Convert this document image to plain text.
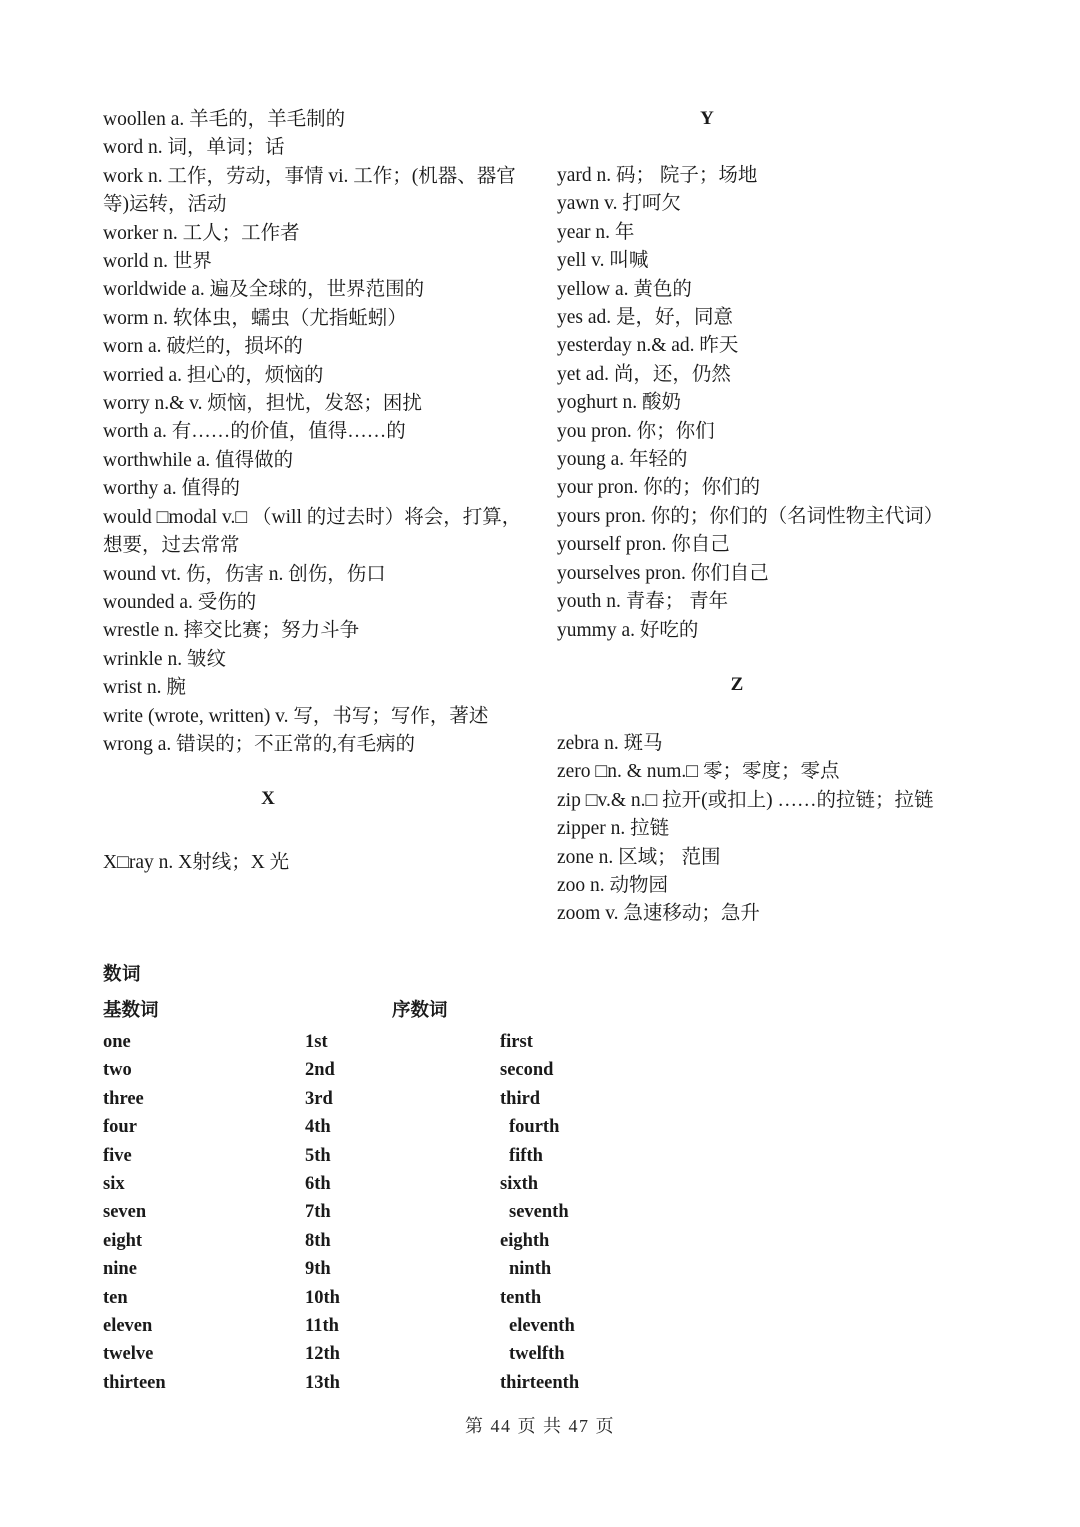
woollen a. 羊毛的，羊毛制的
word n. 词，单词；话
work n. 工作，劳动，事情 vi. 工作；(机器、器官等)运转，活动
worker n. 工人；工作者
world n. 世界
worldwide a. 遍及全球的，世界范围的
worm n. 软体虫，蠕虫（尤指蚯蚓）
worn a. 破烂的，损坏的
worried a. 担心的，烦恼的
worry n.& v. 烦恼，担忧，发怒；困扰
worth a. 有……的价值，值得……的
worthwhile a. 值得做的
worthy a. 值得的
would □modal v.□ （will 的过去时）将会，打算，想要，过去常常
wound vt. 伤，伤害 n. 创伤，伤口
wounded a. 受伤的
wrestle n. 摔交比赛；努力斗争
wrinkle n. 皱纹
wrist n. 腕
write (wrote, written) v. 写，书写；写作，著述
wrong a. 错误的；不正常的,有毛病的
X
X□ray n. X射线；X 光
Y
yard n. 码； 院子；场地
yawn v. 打呵欠
year n. 年
yell v. 叫喊
yellow a. 黄色的
yes ad. 是，好，同意
yesterday n.& ad. 昨天
yet ad. 尚，还，仍然
yoghurt n. 酸奶
you pron. 你；你们
young a. 年轻的
your pron. 你的；你们的
yours pron. 你的；你们的（名词性物主代词）
yourself pron. 你自己
yourselves pron. 你们自己
youth n. 青春； 青年
yummy a. 好吃的
Z
zebra n. 斑马
zero □n. & num.□ 零；零度；零点
zip □v.& n.□ 拉开(或扣上) ……的拉链；拉链
zipper n. 拉链
zone n. 区域； 范围
zoo n. 动物园
zoom v. 急速移动；急升
数词
基数词	序数词
one	1st	first
two	2nd	second
three	3rd	third
four	4th	fourth
five	5th	fifth
six	6th	sixth
seven	7th	seventh
eight	8th	eighth
nine	9th	ninth
ten	10th	tenth
eleven	11th	eleventh
twelve	12th	twelfth
thirteen	13th	thirteenth
第 44 页 共 47 页
